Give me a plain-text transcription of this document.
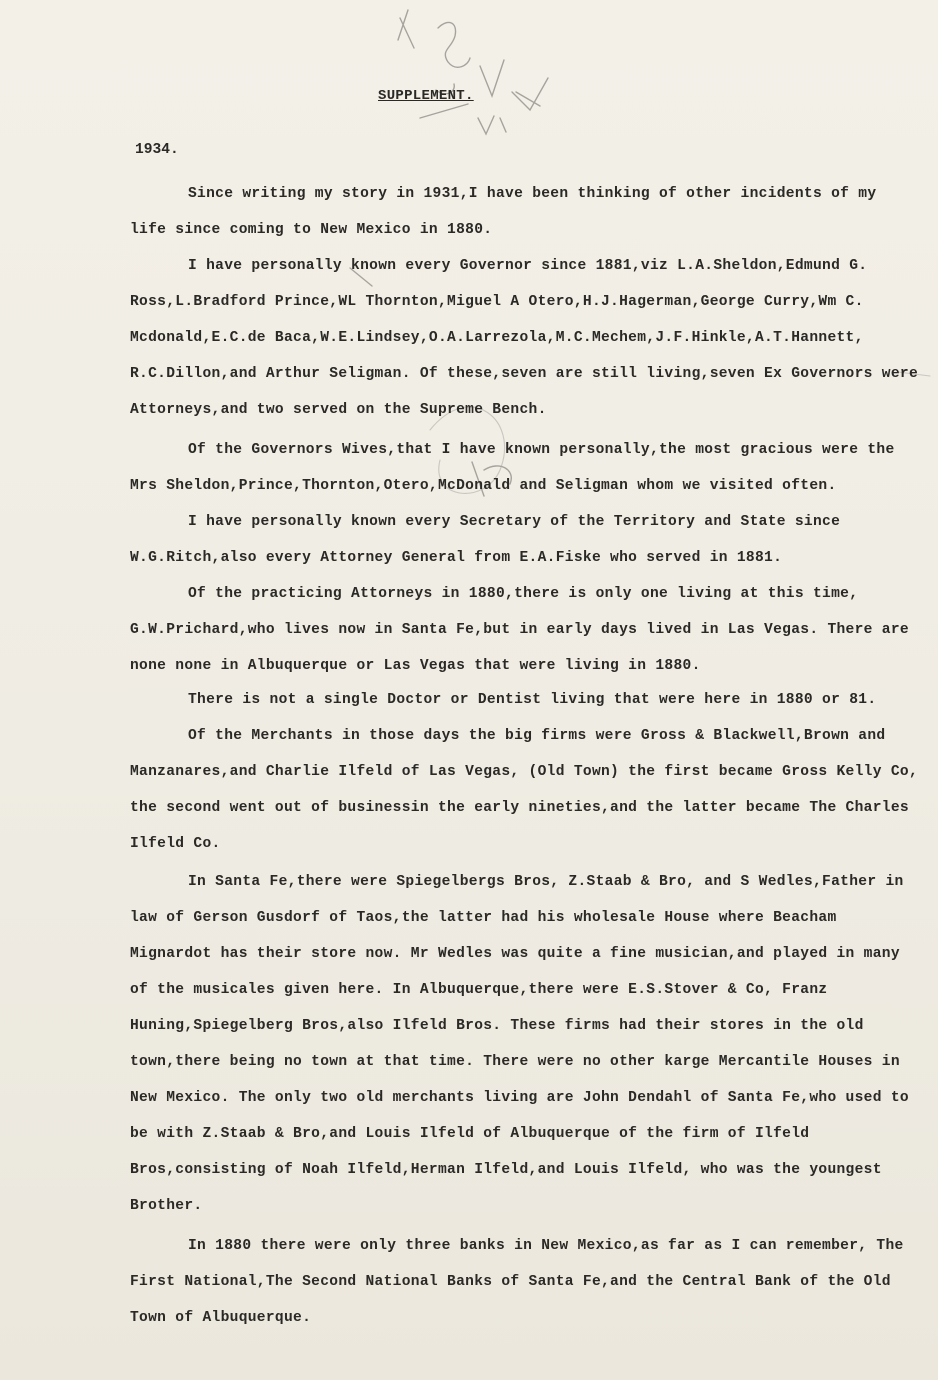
SUPPLEMENT.
1934.

Since writing my story in 1931,I have been thinking of other incidents of my life since coming to New Mexico in 1880.

I have personally known every Governor since 1881,viz L.A.Sheldon,Edmund G. Ross,L.Bradford Prince,WL Thornton,Miguel A Otero,H.J.Hagerman,George Curry,Wm C. Mcdonald,E.C.de Baca,W.E.Lindsey,O.A.Larrezola,M.C.Mechem,J.F.Hinkle,A.T.Hannett, R.C.Dillon,and Arthur Seligman. Of these,seven are still living,seven Ex Governors were Attorneys,and two served on the Supreme Bench.

Of the Governors Wives,that I have known personally,the most gracious were the Mrs Sheldon,Prince,Thornton,Otero,McDonald and Seligman whom we visited often.

I have personally known every Secretary of the Territory and State since W.G.Ritch,also every Attorney General from E.A.Fiske who served in 1881.

Of the practicing Attorneys in 1880,there is only one living at this time, G.W.Prichard,who lives now in Santa Fe,but in early days lived in Las Vegas. There are none none in Albuquerque or Las Vegas that were living in 1880.

There is not a single Doctor or Dentist living that were here in 1880 or 81.

Of the Merchants in those days the big firms were Gross & Blackwell,Brown and Manzanares,and Charlie Ilfeld of Las Vegas, (Old Town) the first became Gross Kelly Co, the second went out of businessin the early nineties,and the latter became The Charles Ilfeld Co.

In Santa Fe,there were Spiegelbergs Bros, Z.Staab & Bro, and S Wedles,Father in law of Gerson Gusdorf of Taos,the latter had his wholesale House where Beacham Mignardot has their store now. Mr Wedles was quite a fine musician,and played in many of the musicales given here. In Albuquerque,there were E.S.Stover & Co, Franz Huning,Spiegelberg Bros,also Ilfeld Bros. These firms had their stores in the old town,there being no town at that time. There were no other karge Mercantile Houses in New Mexico. The only two old merchants living are John Dendahl of Santa Fe,who used to be with Z.Staab & Bro,and Louis Ilfeld of Albuquerque of the firm of Ilfeld Bros,consisting of Noah Ilfeld,Herman Ilfeld,and Louis Ilfeld, who was the youngest Brother.

In 1880 there were only three banks in New Mexico,as far as I can remember, The First National,The Second National Banks of Santa Fe,and the Central Bank of the Old Town of Albuquerque.
